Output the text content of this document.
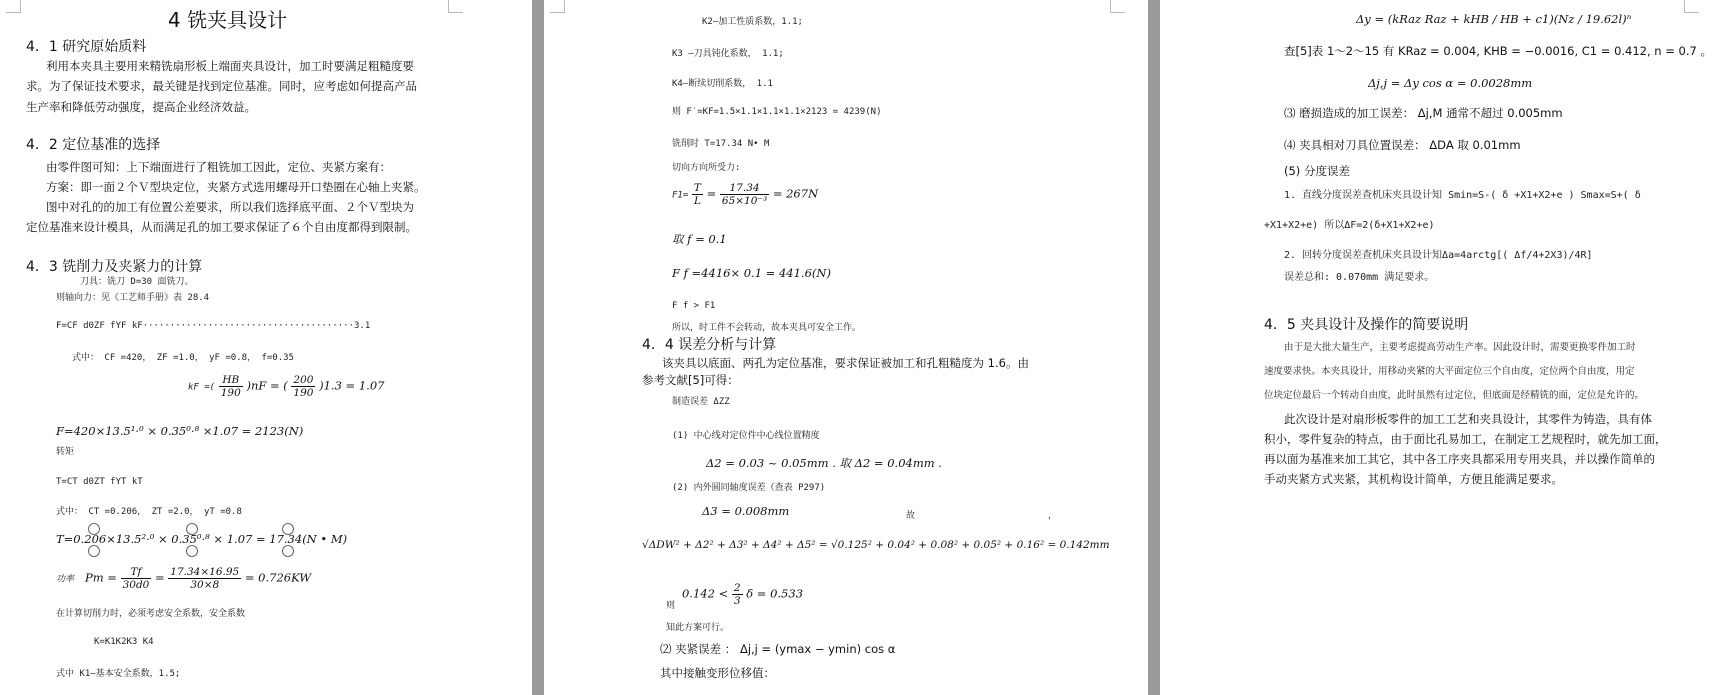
4 铣夹具设计
4．1 研究原始质料
利用本夹具主要用来精铣扇形板上端面夹具设计，加工时要满足粗糙度要
求。为了保证技术要求，最关键是找到定位基准。同时，应考虑如何提高产品
生产率和降低劳动强度，提高企业经济效益。
4．2 定位基准的选择
由零件图可知：上下端面进行了粗铣加工因此，定位、夹紧方案有：
方案：即一面２个Ｖ型块定位，夹紧方式选用螺母开口垫圈在心轴上夹紧。
图中对孔的的加工有位置公差要求，所以我们选择底平面、２个Ｖ型块为
定位基准来设计模具，从而满足孔的加工要求保证了６个自由度都得到限制。
4．3 铣削力及夹紧力的计算
刀具：铣刀 D=30 面铣刀。
则轴向力：见《工艺师手册》表 28.4
F=CF d0ZF fYF kF·······································3.1
式中： CF =420， ZF =1.0， yF =0.8， f=0.35
kF =( $\frac{HB}{190} )nF$ = ( $\frac{200}{190} )1.3 = 1.07$
F=420×13.5¹·⁰ × 0.35⁰·⁸ ×1.07 = 2123(N)
转矩
T=CT d0ZT fYT kT
式中： CT =0.206， ZT =2.0， yT =0.8
T=0.206×13.5²·⁰ × 0.35⁰·⁸ × 1.07 = 17.34(N • M)
功率 $Pm = \frac{Tf}{30d0} = \frac{17.34\times 16.95}{30\times 8} = 0.726KW$
在计算切削力时，必须考虑安全系数，安全系数
K=K1K2K3 K4
式中 K1—基本安全系数，1.5;
K2—加工性质系数，1.1;
K3 —刀具钝化系数， 1.1;
K4—断续切削系数， 1.1
则 F′=KF=1.5×1.1×1.1×1.1×2123 = 4239(N)
铣削时 T=17.34 N• M
切向方向所受力:
$F1= \frac{T}{L} = \frac{17.34}{\text{65×10⁻³}} = 267N$
取 f = 0.1
F f =4416× 0.1 = 441.6(N)
F f > F1
所以，时工件不会转动，故本夹具可安全工作。
4．4 误差分析与计算
该夹具以底面、两孔为定位基准，要求保证被加工和孔粗糙度为 1.6。由
参考文献[5]可得：
制造误差 ΔZZ
(1) 中心线对定位件中心线位置精度
Δ2 = 0.03 ~ 0.05mm . 取 Δ2 = 0.04mm .
(2) 内外圆同轴度误差（查表 P297)
Δ3 = 0.008mm	故	，
√ΔDW² + Δ2² + Δ3² + Δ4² + Δ5² = √0.125² + 0.04² + 0.08² + 0.05² + 0.16² = 0.142mm
则
$0.142 < \frac{2}{3}$ δ = 0.533
知此方案可行。
⑵ 夹紧误差 ： Δj,j = (ymax − ymin) cos α
其中接触变形位移值：
Δy = (kRaz Raz + kHB / HB + c1)(Nz / 19.62l)ⁿ
查[5]表 1～2～15 有 KRaz = 0.004, KHB = −0.0016, C1 = 0.412, n = 0.7 。
Δj,j = Δy cos α = 0.0028mm
⑶ 磨损造成的加工误差： Δj,M 通常不超过 0.005mm
⑷ 夹具相对刀具位置误差： ΔDA 取 0.01mm
(5) 分度误差
1. 直线分度误差查机床夹具设计知 Smin=S-( δ +X1+X2+e ) Smax=S+( δ
+X1+X2+e) 所以ΔF=2(δ+X1+X2+e)
2. 回转分度误差查机床夹具设计知Δa=4arctg[( Δf/4+2X3)/4R]
误差总和: 0.070mm 满足要求。
4．5 夹具设计及操作的简要说明
由于是大批大量生产，主要考虑提高劳动生产率。因此设计时，需要更换零件加工时
速度要求快。本夹具设计，用移动夹紧的大平面定位三个自由度，定位两个自由度，用定
位块定位最后一个转动自由度，此时虽然有过定位，但底面是经精铣的面，定位是允许的。
此次设计是对扇形板零件的加工工艺和夹具设计，其零件为铸造，具有体
积小，零件复杂的特点，由于面比孔易加工，在制定工艺规程时，就先加工面，
再以面为基准来加工其它，其中各工序夹具都采用专用夹具，并以操作简单的
手动夹紧方式夹紧，其机构设计简单，方便且能满足要求。
